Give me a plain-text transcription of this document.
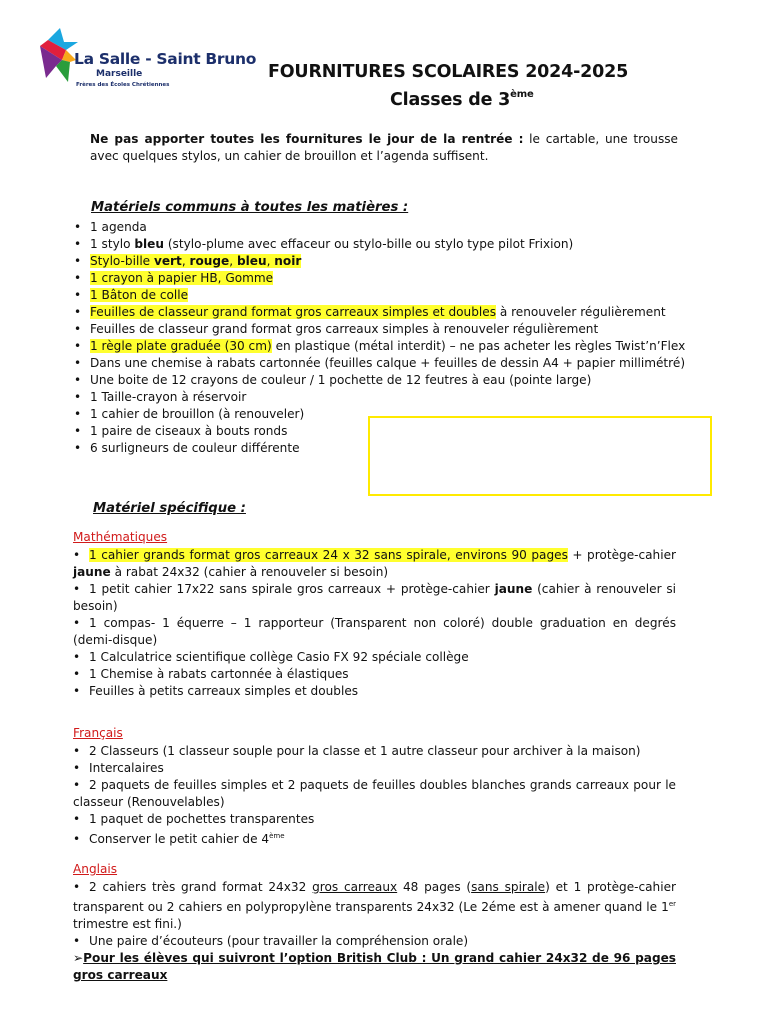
La Salle - Saint Bruno
Marseille
Frères des Écoles Chrétiennes
FOURNITURES SCOLAIRES 2024-2025
Classes de 3ème
Ne pas apporter toutes les fournitures le jour de la rentrée : le cartable, une trousse avec quelques stylos, un cahier de brouillon et l’agenda suffisent.
Matériels communs à toutes les matières :
• 1 agenda
• 1 stylo bleu (stylo-plume avec effaceur ou stylo-bille ou stylo type pilot Frixion)
• Stylo-bille vert, rouge, bleu, noir
• 1 crayon à papier HB, Gomme
• 1 Bâton de colle
• Feuilles de classeur grand format gros carreaux simples et doubles à renouveler régulièrement
• Feuilles de classeur grand format gros carreaux simples à renouveler régulièrement
• 1 règle plate graduée (30 cm) en plastique (métal interdit) – ne pas acheter les règles Twist’n’Flex
• Dans une chemise à rabats cartonnée (feuilles calque + feuilles de dessin A4 + papier millimétré)
• Une boite de 12 crayons de couleur / 1 pochette de 12 feutres à eau (pointe large)
• 1 Taille-crayon à réservoir
• 1 cahier de brouillon (à renouveler)
• 1 paire de ciseaux à bouts ronds
• 6 surligneurs de couleur différente
Matériel spécifique :
Mathématiques

• 1 cahier grands format gros carreaux 24 x 32 sans spirale, environs 90 pages + protège-cahier jaune à rabat 24x32 (cahier à renouveler si besoin)

• 1 petit cahier 17x22 sans spirale gros carreaux + protège-cahier jaune (cahier à renouveler si besoin)

• 1 compas- 1 équerre – 1 rapporteur (Transparent non coloré) double graduation en degrés (demi-disque)

• 1 Calculatrice scientifique collège Casio FX 92 spéciale collège

• 1 Chemise à rabats cartonnée à élastiques

• Feuilles à petits carreaux simples et doubles

Français

• 2 Classeurs (1 classeur souple pour la classe et 1 autre classeur pour archiver à la maison)

• Intercalaires

• 2 paquets de feuilles simples et 2 paquets de feuilles doubles blanches grands carreaux pour le classeur (Renouvelables)

• 1 paquet de pochettes transparentes

• Conserver le petit cahier de 4ème

Anglais

• 2 cahiers très grand format 24x32 gros carreaux 48 pages (sans spirale) et 1 protège-cahier transparent ou 2 cahiers en polypropylène transparents 24x32 (Le 2éme est à amener quand le 1er trimestre est fini.)

• Une paire d’écouteurs (pour travailler la compréhension orale)

➢Pour les élèves qui suivront l’option British Club : Un grand cahier 24x32 de 96 pages gros carreaux
